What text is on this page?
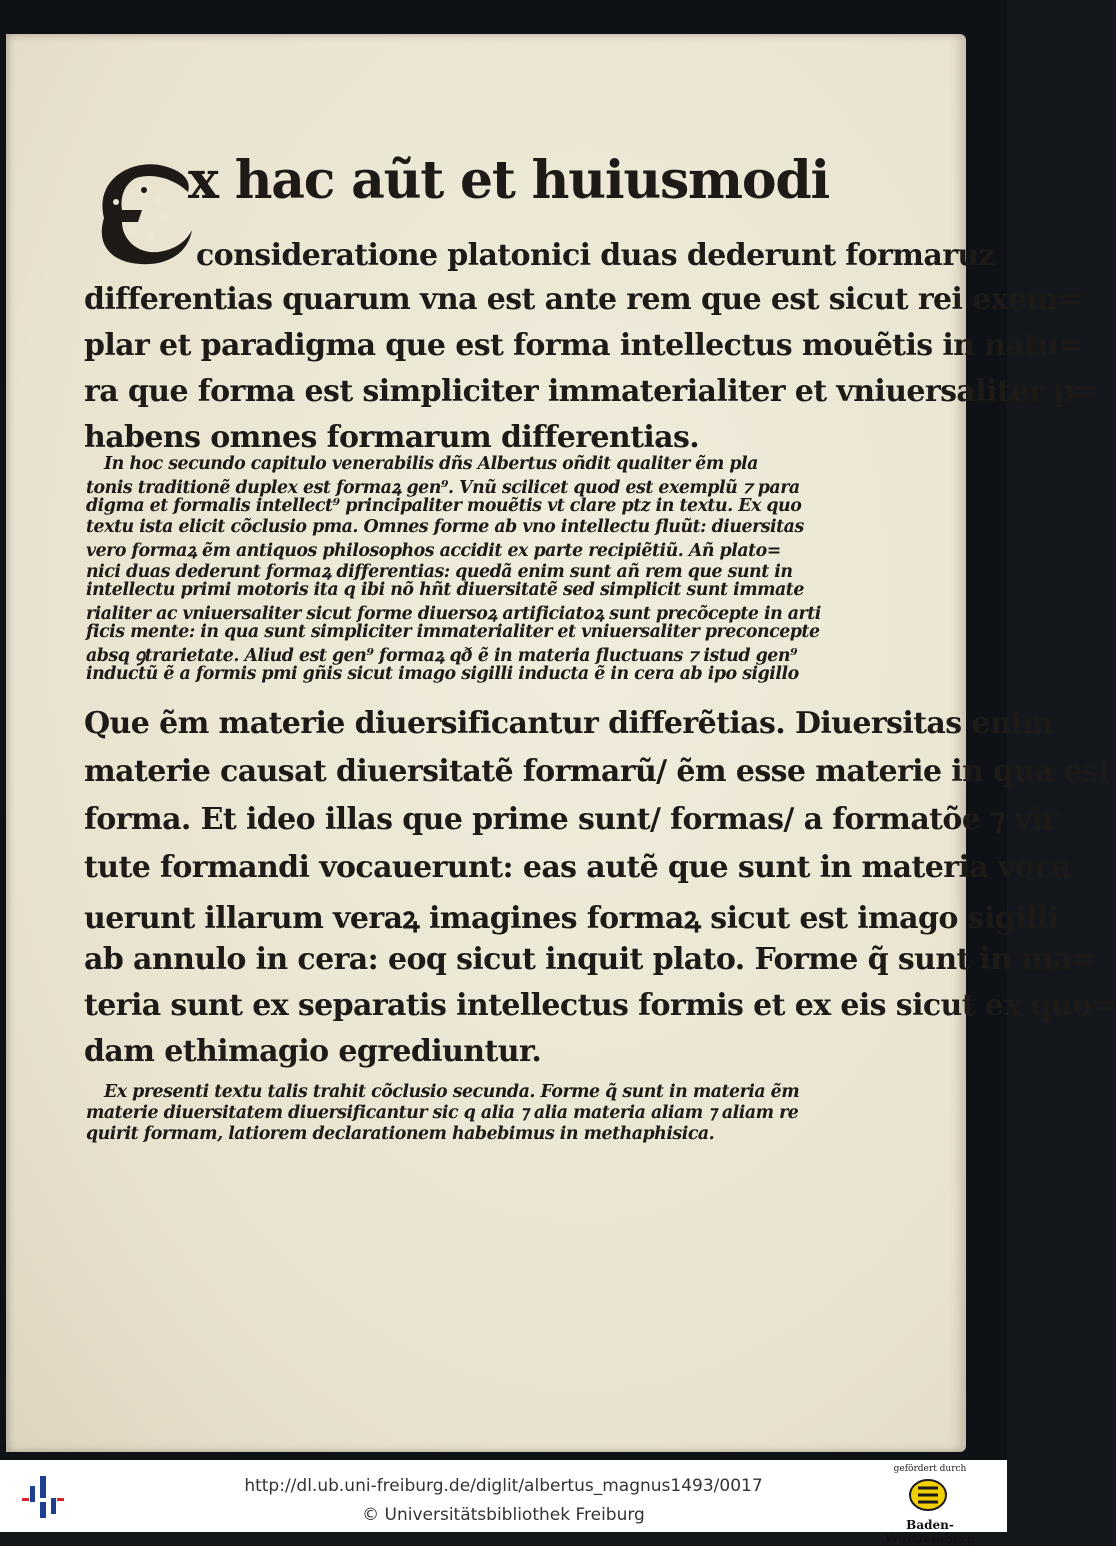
x hac aũt et huiusmodi
consideratione platonici duas dederunt formaruz
differentias quarum vna est ante rem que est sicut rei exem=
plar et paradigma que est forma intellectus mouẽtis in natu=
ra que forma est simpliciter immaterialiter et vniuersaliter p=
habens omnes formarum differentias.
In hoc secundo capitulo venerabilis dñs Albertus oñdit qualiter ẽm pla
tonis traditionẽ duplex est formaꝝ gen⁹. Vnũ scilicet quod est exemplũ ⁊ para
digma et formalis intellect⁹ principaliter mouẽtis vt clare ptz in textu. Ex quo
textu ista elicit cõclusio pma. Omnes forme ab vno intellectu fluũt: diuersitas
vero formaꝝ ẽm antiquos philosophos accidit ex parte recipiẽtiũ. Añ plato=
nici duas dederunt formaꝝ differentias: quedã enim sunt añ rem que sunt in
intellectu primi motoris ita q ibi nõ hñt diuersitatẽ sed simplicit sunt immate
rialiter ac vniuersaliter sicut forme diuersoꝝ artificiatoꝝ sunt precõcepte in arti
ficis mente: in qua sunt simpliciter immaterialiter et vniuersaliter preconcepte
absq ꝯtrarietate. Aliud est gen⁹ formaꝝ qð ẽ in materia fluctuans ⁊ istud gen⁹
inductũ ẽ a formis pmi gñis sicut imago sigilli inducta ẽ in cera ab ipo sigillo
Que ẽm materie diuersificantur differẽtias. Diuersitas enim
materie causat diuersitatẽ formarũ/ ẽm esse materie in qua est
forma. Et ideo illas que prime sunt/ formas/ a formatõe ⁊ vir
tute formandi vocauerunt: eas autẽ que sunt in materia voca
uerunt illarum veraꝝ imagines formaꝝ sicut est imago sigilli
ab annulo in cera: eoq sicut inquit plato. Forme q̃ sunt in ma=
teria sunt ex separatis intellectus formis et ex eis sicut ex quo=
dam ethimagio egrediuntur.
Ex presenti textu talis trahit cõclusio secunda. Forme q̃ sunt in materia ẽm
materie diuersitatem diuersificantur sic q alia ⁊ alia materia aliam ⁊ aliam re
quirit formam, latiorem declarationem habebimus in methaphisica.
http://dl.ub.uni-freiburg.de/diglit/albertus_magnus1493/0017
© Universitätsbibliothek Freiburg
gefördert durch
Baden-Württemberg
